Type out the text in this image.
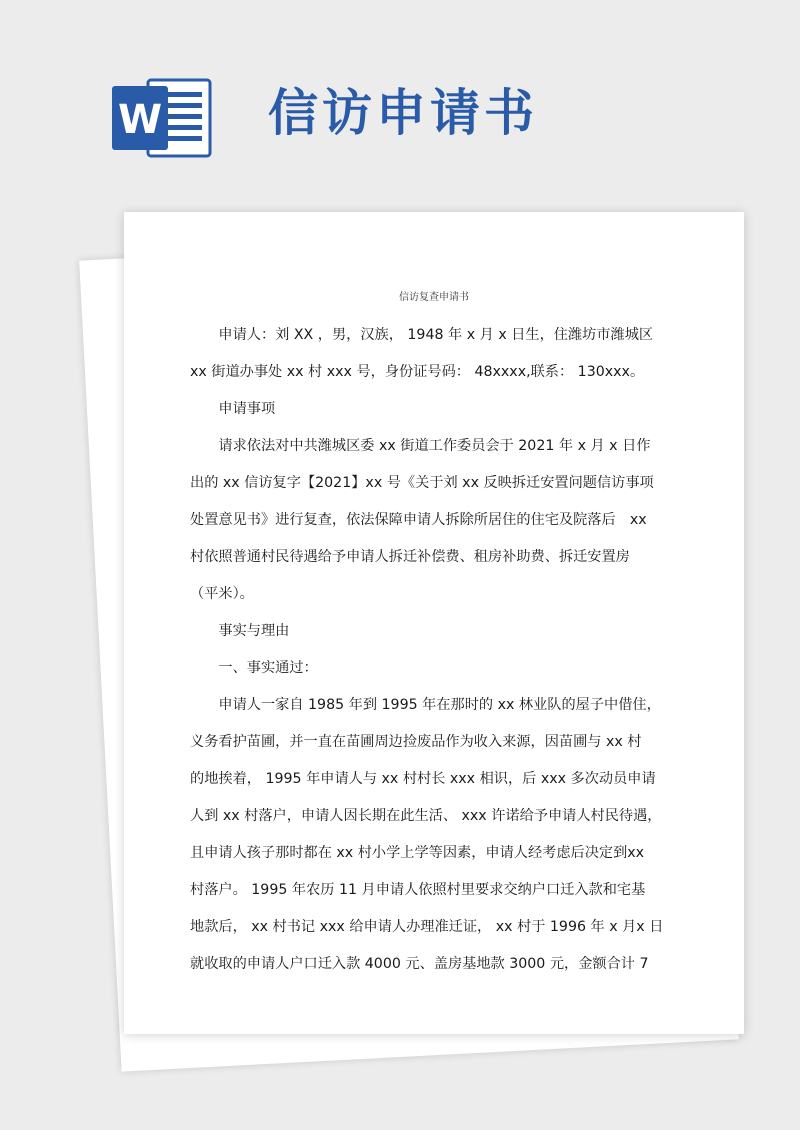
W 信访申请书

信访复查申请书

　　申请人：刘 XX ，男，汉族， 1948 年 x 月 x 日生，住潍坊市潍城区
xx 街道办事处 xx 村 xxx 号，身份证号码： 48xxxx,联系： 130xxx。
　　申请事项
　　请求依法对中共潍城区委 xx 街道工作委员会于 2021 年 x 月 x 日作
出的 xx 信访复字【2021】xx 号《关于刘 xx 反映拆迁安置问题信访事项
处置意见书》进行复查，依法保障申请人拆除所居住的住宅及院落后　xx
村依照普通村民待遇给予申请人拆迁补偿费、租房补助费、拆迁安置房
（平米）。
　　事实与理由
　　一、事实通过：
　　申请人一家自 1985 年到 1995 年在那时的 xx 林业队的屋子中借住，
义务看护苗圃，并一直在苗圃周边捡废品作为收入来源，因苗圃与 xx 村
的地挨着， 1995 年申请人与 xx 村村长 xxx 相识，后 xxx 多次动员申请
人到 xx 村落户，申请人因长期在此生活、 xxx 许诺给予申请人村民待遇，
且申请人孩子那时都在 xx 村小学上学等因素，申请人经考虑后决定到xx
村落户。 1995 年农历 11 月申请人依照村里要求交纳户口迁入款和宅基
地款后， xx 村书记 xxx 给申请人办理准迁证， xx 村于 1996 年 x 月x 日
就收取的申请人户口迁入款 4000 元、盖房基地款 3000 元，金额合计 7
